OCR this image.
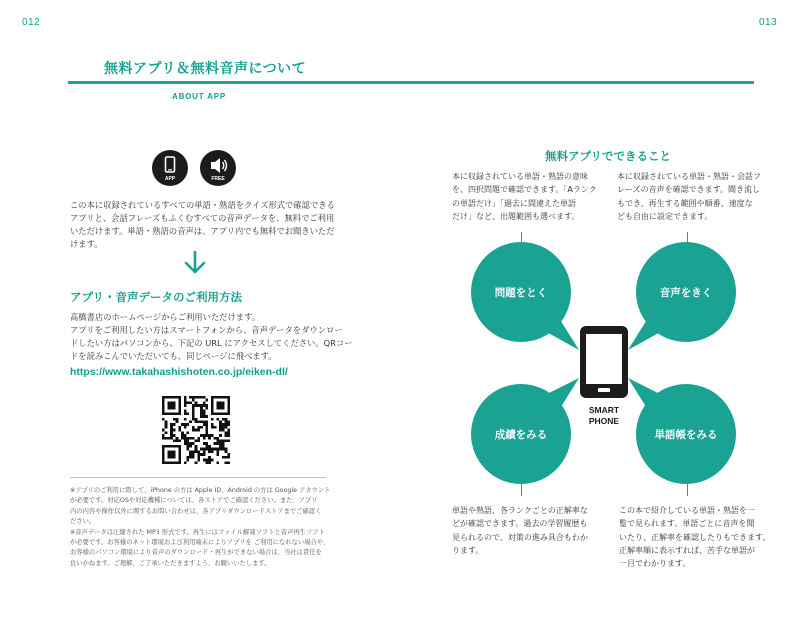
012	013
無料アプリ＆無料音声について
ABOUT APP
APP	FREE
この本に収録されているすべての単語・熟語をクイズ形式で確認できる
アプリと、会話フレーズもふくむすべての音声データを、無料でご利用
いただけます。単語・熟語の音声は、アプリ内でも無料でお聞きいただ
けます。
アプリ・音声データのご利用方法
高橋書店のホームページからご利用いただけます。
アプリをご利用したい方はスマートフォンから、音声データをダウンロー
ドしたい方はパソコンから、下記の URL にアクセスしてください。QRコー
ドを読みこんでいただいても、同じページに飛べます。
https://www.takahashishoten.co.jp/eiken-dl/
※アプリのご利用に際して、iPhone の方は Apple ID、Android の方は Google アカウント
が必要です。対応OSや対応機種については、各ストアでご確認ください。また、アプリ
内の内容や操作以外に関するお問い合わせは、各アプリダウンロードストアまでご確認く
ださい。
※音声データは圧縮された MP3 形式です。再生にはファイル解凍ソフトと音声再生ソフト
が必要です。お客様のネット環境および利用端末によりアプリを ご利用になれない場合や、
お客様のパソコン環境により音声のダウンロード・再生ができない場合は、当社は責任を
負いかねます。ご理解、ご了承いただきますよう、お願いいたします。
無料アプリでできること
本に収録されている単語・熟語の意味
を、四択問題で確認できます。「Aランク
の単語だけ」「過去に間違えた単語
だけ」など、出題範囲も選べます。
本に収録されている単語・熟語・会話フ
レーズの音声を確認できます。聞き流し
もでき、再生する範囲や順番、速度な
ども自由に設定できます。
問題をとく	音声をきく
成績をみる	単語帳をみる
SMART
PHONE
単語や熟語、各ランクごとの正解率な
どが確認できます。過去の学習履歴も
見られるので、対策の進み具合もわか
ります。
この本で紹介している単語・熟語を一
覧で見られます。単語ごとに音声を聞
いたり、正解率を確認したりもできます。
正解率順に表示すれば、苦手な単語が
一目でわかります。
